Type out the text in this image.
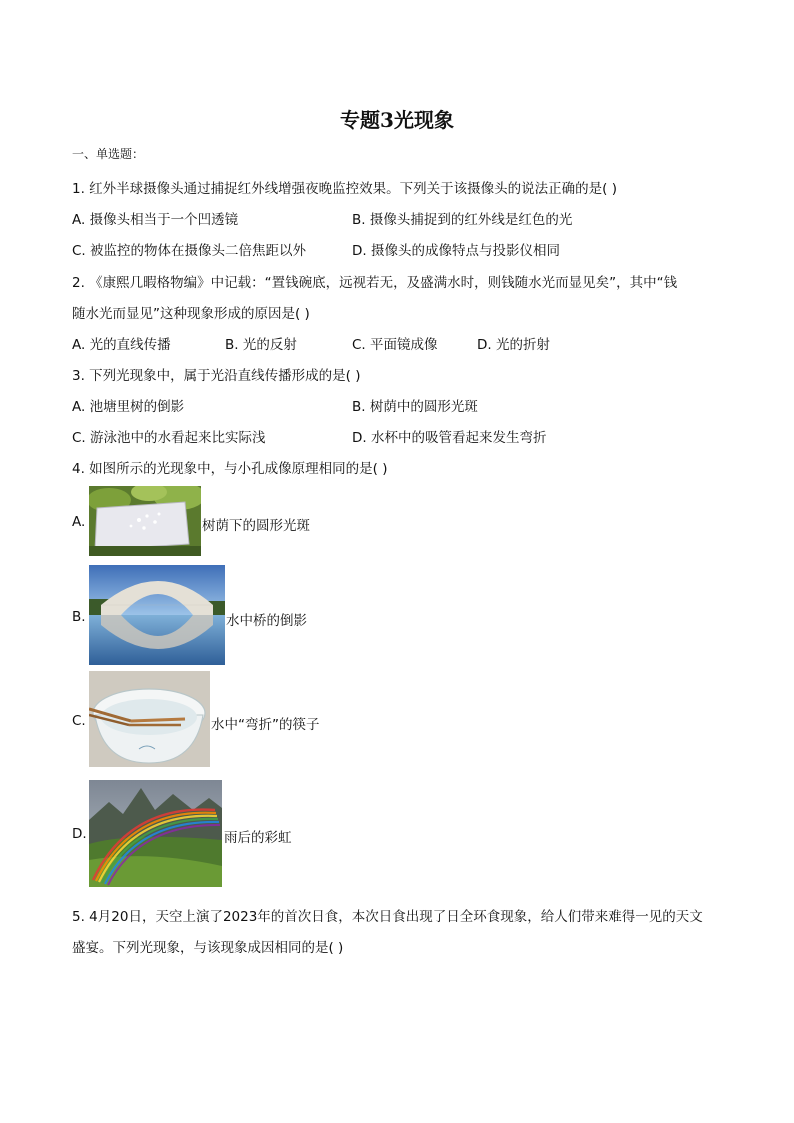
专题3光现象
一、单选题：
1. 红外半球摄像头通过捕捉红外线增强夜晚监控效果。下列关于该摄像头的说法正确的是( )
A. 摄像头相当于一个凹透镜	B. 摄像头捕捉到的红外线是红色的光
C. 被监控的物体在摄像头二倍焦距以外	D. 摄像头的成像特点与投影仪相同
2. 《康熙几暇格物编》中记载：“置钱碗底，远视若无，及盛满水时，则钱随水光而显见矣”，其中“钱
随水光而显见”这种现象形成的原因是( )
A. 光的直线传播	B. 光的反射	C. 平面镜成像	D. 光的折射
3. 下列光现象中，属于光沿直线传播形成的是( )
A. 池塘里树的倒影	B. 树荫中的圆形光斑
C. 游泳池中的水看起来比实际浅	D. 水杯中的吸管看起来发生弯折
4. 如图所示的光现象中，与小孔成像原理相同的是( )
A.	树荫下的圆形光斑
B.	水中桥的倒影
C.	水中“弯折”的筷子
D.	雨后的彩虹
5. 4月20日，天空上演了2023年的首次日食，本次日食出现了日全环食现象，给人们带来难得一见的天文
盛宴。下列光现象，与该现象成因相同的是( )
